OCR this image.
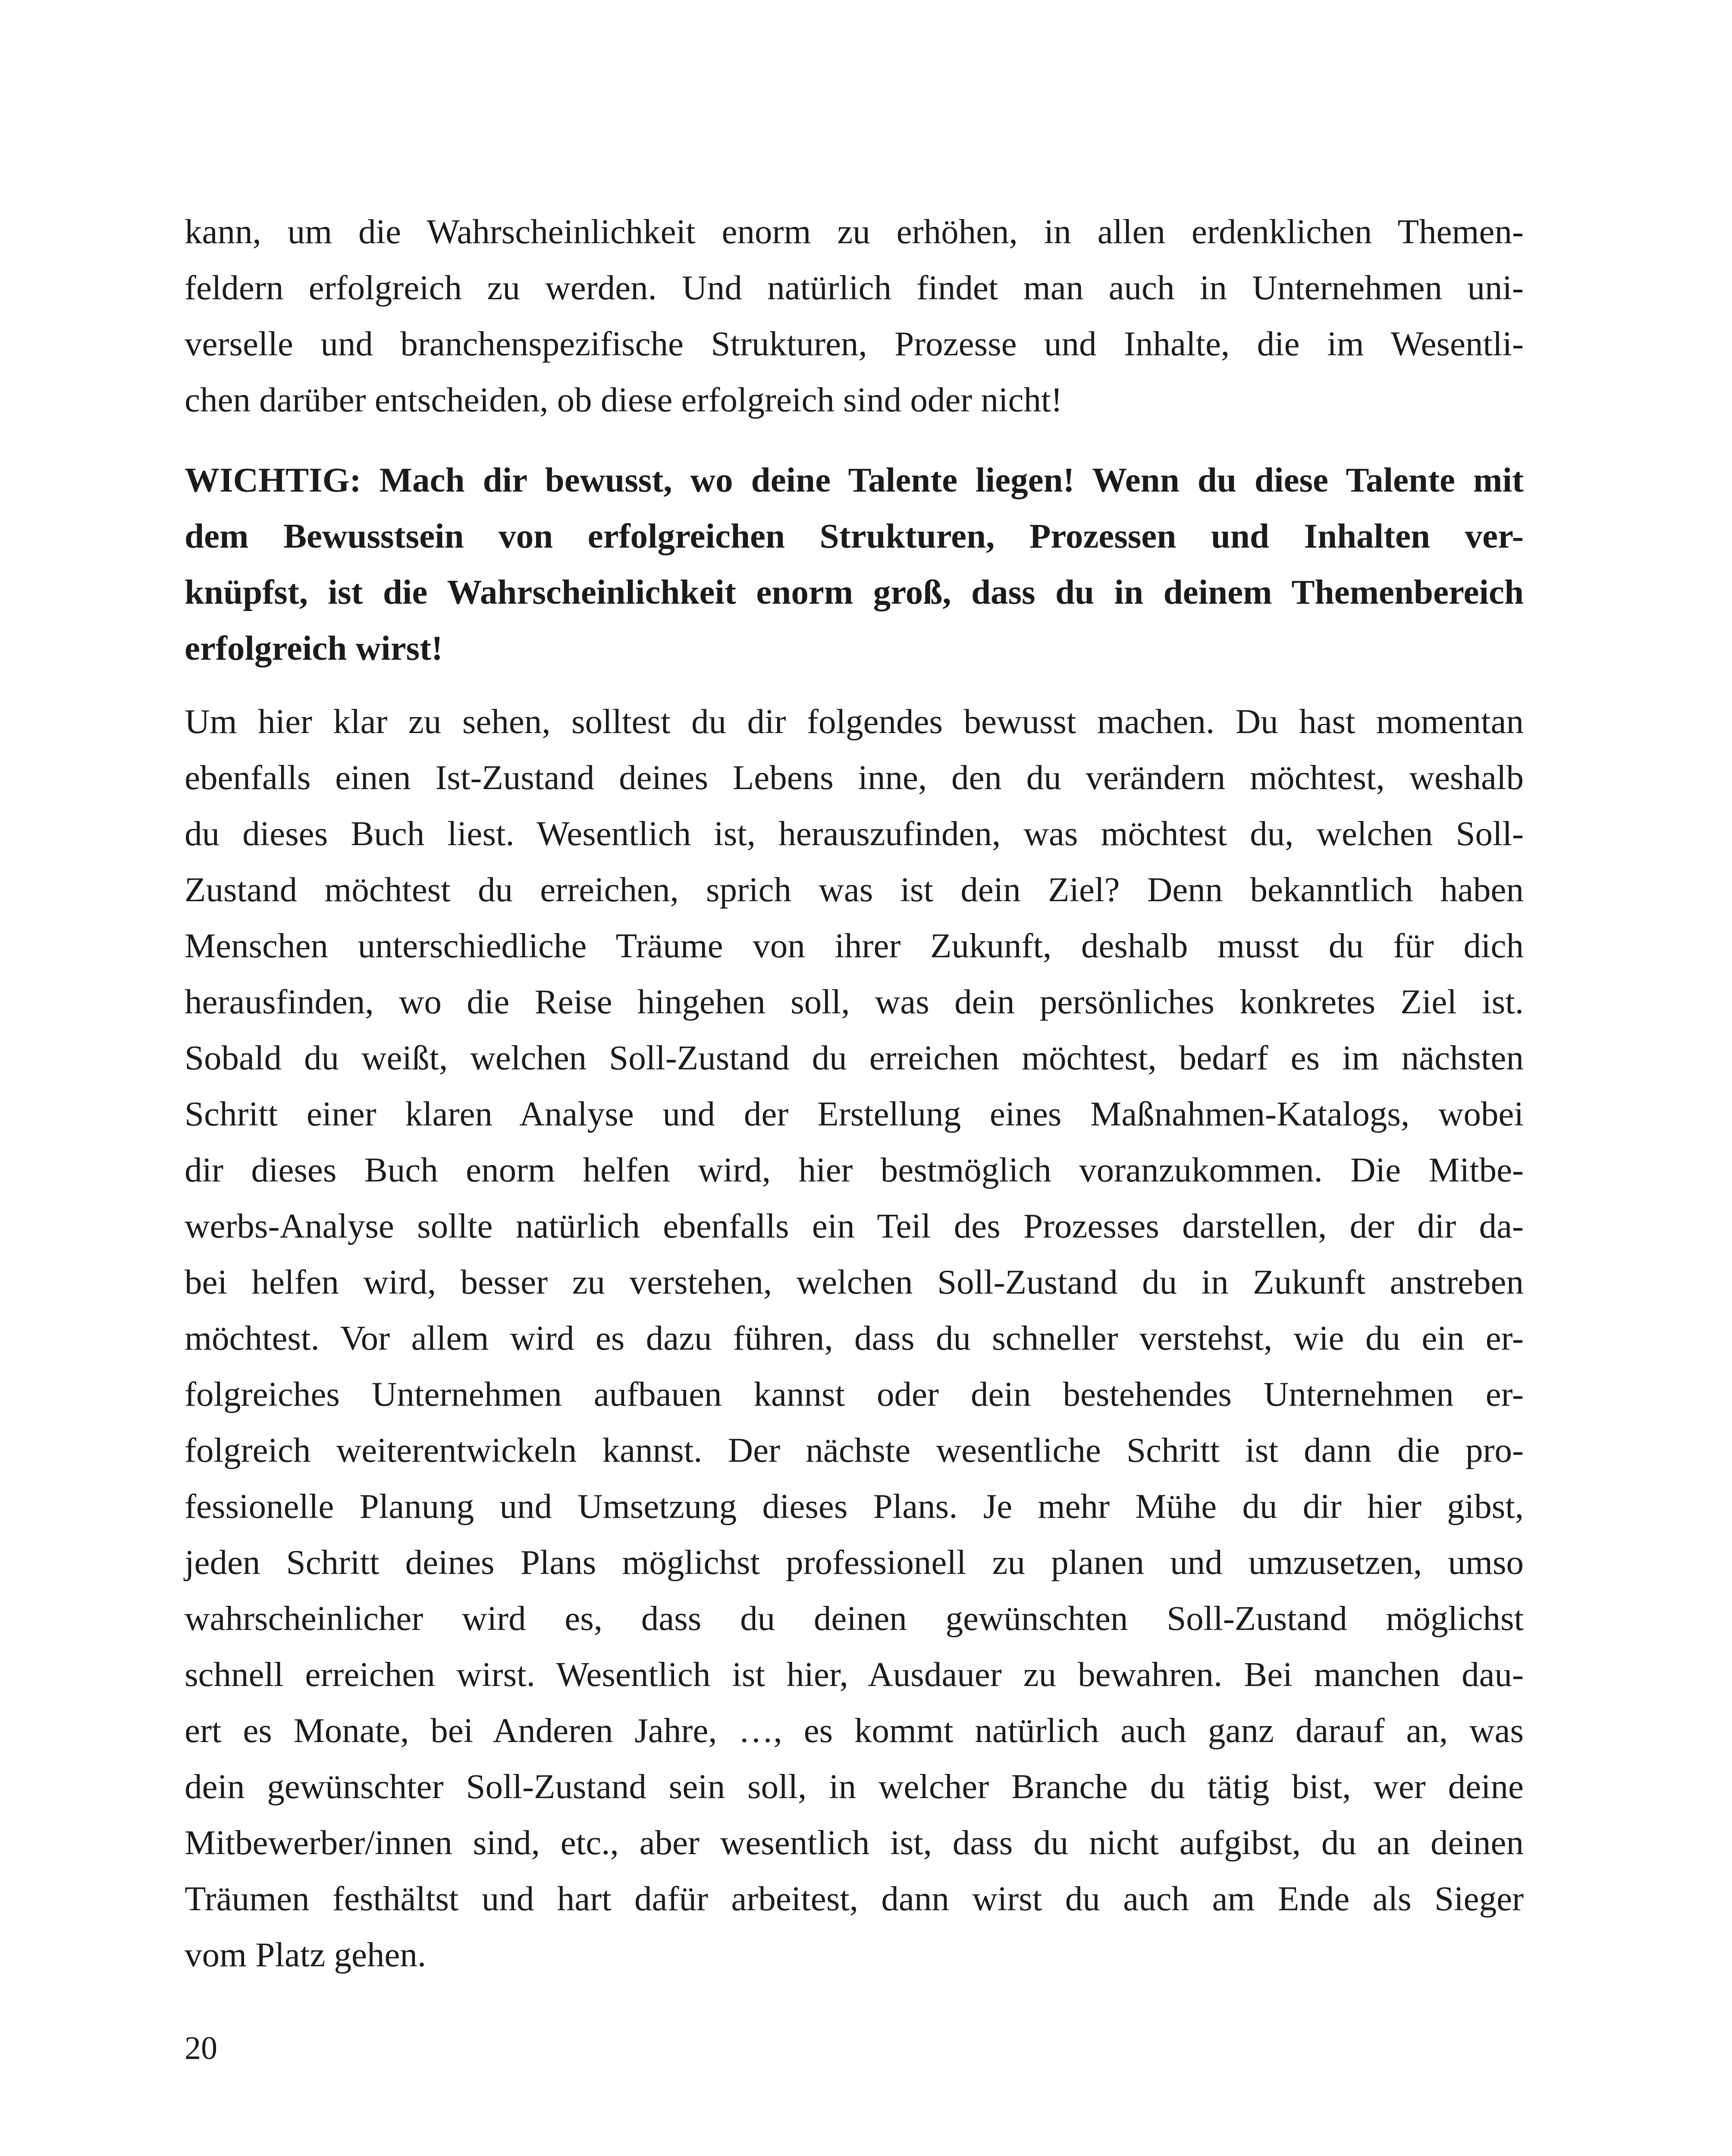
kann, um die Wahrscheinlichkeit enorm zu erhöhen, in allen erdenklichen Themen-
feldern erfolgreich zu werden. Und natürlich findet man auch in Unternehmen uni-
verselle und branchenspezifische Strukturen, Prozesse und Inhalte, die im Wesentli-
chen darüber entscheiden, ob diese erfolgreich sind oder nicht!
WICHTIG: Mach dir bewusst, wo deine Talente liegen! Wenn du diese Talente mit
dem Bewusstsein von erfolgreichen Strukturen, Prozessen und Inhalten ver-
knüpfst, ist die Wahrscheinlichkeit enorm groß, dass du in deinem Themenbereich
erfolgreich wirst!
Um hier klar zu sehen, solltest du dir folgendes bewusst machen. Du hast momentan
ebenfalls einen Ist-Zustand deines Lebens inne, den du verändern möchtest, weshalb
du dieses Buch liest. Wesentlich ist, herauszufinden, was möchtest du, welchen Soll-
Zustand möchtest du erreichen, sprich was ist dein Ziel? Denn bekanntlich haben
Menschen unterschiedliche Träume von ihrer Zukunft, deshalb musst du für dich
herausfinden, wo die Reise hingehen soll, was dein persönliches konkretes Ziel ist.
Sobald du weißt, welchen Soll-Zustand du erreichen möchtest, bedarf es im nächsten
Schritt einer klaren Analyse und der Erstellung eines Maßnahmen-Katalogs, wobei
dir dieses Buch enorm helfen wird, hier bestmöglich voranzukommen. Die Mitbe-
werbs-Analyse sollte natürlich ebenfalls ein Teil des Prozesses darstellen, der dir da-
bei helfen wird, besser zu verstehen, welchen Soll-Zustand du in Zukunft anstreben
möchtest. Vor allem wird es dazu führen, dass du schneller verstehst, wie du ein er-
folgreiches Unternehmen aufbauen kannst oder dein bestehendes Unternehmen er-
folgreich weiterentwickeln kannst. Der nächste wesentliche Schritt ist dann die pro-
fessionelle Planung und Umsetzung dieses Plans. Je mehr Mühe du dir hier gibst,
jeden Schritt deines Plans möglichst professionell zu planen und umzusetzen, umso
wahrscheinlicher wird es, dass du deinen gewünschten Soll-Zustand möglichst
schnell erreichen wirst. Wesentlich ist hier, Ausdauer zu bewahren. Bei manchen dau-
ert es Monate, bei Anderen Jahre, …, es kommt natürlich auch ganz darauf an, was
dein gewünschter Soll-Zustand sein soll, in welcher Branche du tätig bist, wer deine
Mitbewerber/innen sind, etc., aber wesentlich ist, dass du nicht aufgibst, du an deinen
Träumen festhältst und hart dafür arbeitest, dann wirst du auch am Ende als Sieger
vom Platz gehen.
20
